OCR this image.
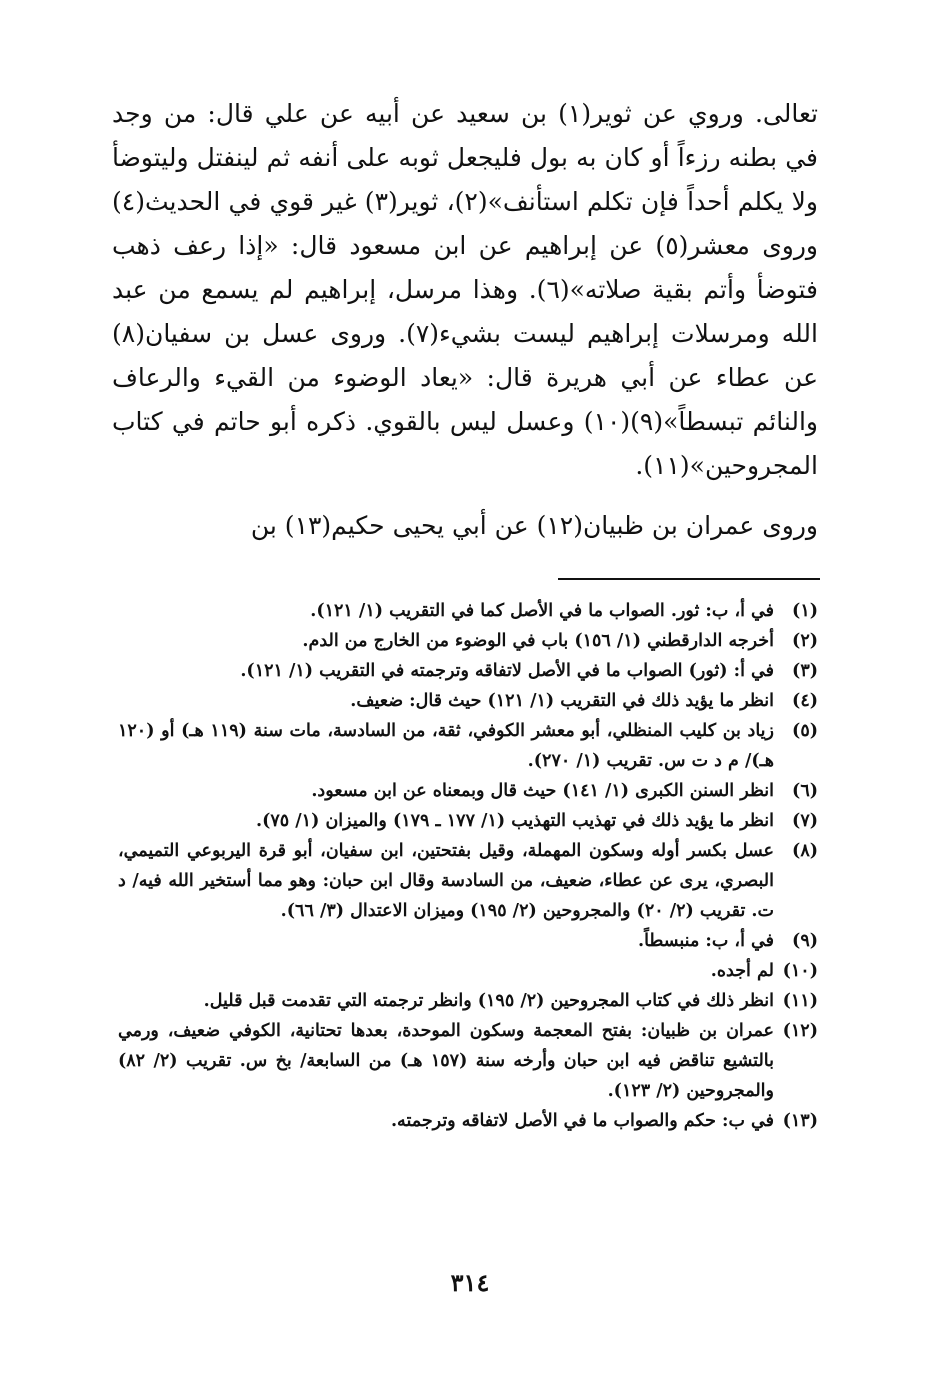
تعالى. وروي عن ثوير(١) بن سعيد عن أبيه عن علي قال: من وجد في بطنه رزءاً أو كان به بول فليجعل ثوبه على أنفه ثم لينفتل وليتوضأ ولا يكلم أحداً فإن تكلم استأنف»(٢)، ثوير(٣) غير قوي في الحديث(٤) وروى معشر(٥) عن إبراهيم عن ابن مسعود قال: «إذا رعف ذهب فتوضأ وأتم بقية صلاته»(٦). وهذا مرسل، إبراهيم لم يسمع من عبد الله ومرسلات إبراهيم ليست بشيء(٧). وروى عسل بن سفيان(٨) عن عطاء عن أبي هريرة قال: «يعاد الوضوء من القيء والرعاف والنائم تبسطاً»(٩)(١٠) وعسل ليس بالقوي. ذكره أبو حاتم في كتاب المجروحين»(١١).

وروى عمران بن ظبيان(١٢) عن أبي يحيى حكيم(١٣) بن

(١)
في أ، ب: ثور. الصواب ما في الأصل كما في التقريب (١/ ١٢١).
(٢)
أخرجه الدارقطني (١/ ١٥٦) باب في الوضوء من الخارج من الدم.
(٣)
في أ: (ثور) الصواب ما في الأصل لاتفاقه وترجمته في التقريب (١/ ١٢١).
(٤)
انظر ما يؤيد ذلك في التقريب (١/ ١٢١) حيث قال: ضعيف.
(٥)
زياد بن كليب المنظلي، أبو معشر الكوفي، ثقة، من السادسة، مات سنة (١١٩ هـ) أو (١٢٠ هـ)/ م د ت س. تقريب (١/ ٢٧٠).
(٦)
انظر السنن الكبرى (١/ ١٤١) حيث قال وبمعناه عن ابن مسعود.
(٧)
انظر ما يؤيد ذلك في تهذيب التهذيب (١/ ١٧٧ ـ ١٧٩) والميزان (١/ ٧٥).
(٨)
عسل بكسر أوله وسكون المهملة، وقيل بفتحتين، ابن سفيان، أبو قرة اليربوعي التميمي، البصري، يرى عن عطاء، ضعيف، من السادسة وقال ابن حبان: وهو مما أستخير الله فيه/ د ت. تقريب (٢/ ٢٠) والمجروحين (٢/ ١٩٥) وميزان الاعتدال (٣/ ٦٦).
(٩)
في أ، ب: منبسطاً.
(١٠)
لم أجده.
(١١)
انظر ذلك في كتاب المجروحين (٢/ ١٩٥) وانظر ترجمته التي تقدمت قبل قليل.
(١٢)
عمران بن ظبيان: بفتح المعجمة وسكون الموحدة، بعدها تحتانية، الكوفي ضعيف، ورمي بالتشيع تناقض فيه ابن حبان وأرخه سنة (١٥٧ هـ) من السابعة/ بخ س. تقريب (٢/ ٨٢) والمجروحين (٢/ ١٢٣).
(١٣)
في ب: حكم والصواب ما في الأصل لاتفاقه وترجمته.
٣١٤
